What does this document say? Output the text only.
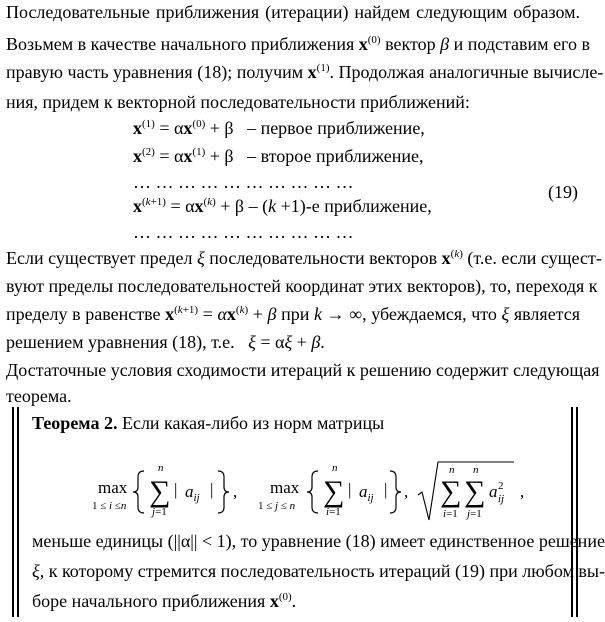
Последовательные приближения (итерации) найдем следующим образом.
Возьмем в качестве начального приближения $x^{(0)}$ вектор β и подставим его в
правую часть уравнения (18); получим $x^{(1)}$. Продолжая аналогичные вычисле-
ния, придем к векторной последовательности приближений:
$x^{(1)} = \alpha x^{(0)} + \beta$   – первое приближение,
$x^{(2)} = \alpha x^{(1)} + \beta$   – второе приближение,
… … … … … … … … … …	(19)
$x^{(k+1)} = \alpha x^{(k)} + \beta - (k +1)-е$ приближение,
… … … … … … … … … …
Если существует предел ξ последовательности векторов $x^{(k)}$ (т.е. если сущест-
вуют пределы последовательностей координат этих векторов), то, переходя к
пределу в равенстве $x^{(k+1)} = \alpha x^{(k)} + \beta$ при k → ∞, убеждаемся, что ξ является
решением уравнения (18), т.е. ξ = αξ + β.
Теорема 2. Если какая-либо из норм матрицы
max
1 ≤ i ≤n ∑
n
j=1
| $a_{ij}$ | , max
1 ≤ j ≤ n ∑
n
i=1
| $a_{ij}$ | , ∑
n
i=1
∑
n
j=1
a 2
ij ,
меньше единицы (||α|| < 1), то уравнение (18) имеет единственное решение
ξ, к которому стремится последовательность итераций (19) при любом вы-
боре начального приближения $x^{(0)}$.
Достаточные условия сходимости итераций к решению содержит следующая
теорема.
